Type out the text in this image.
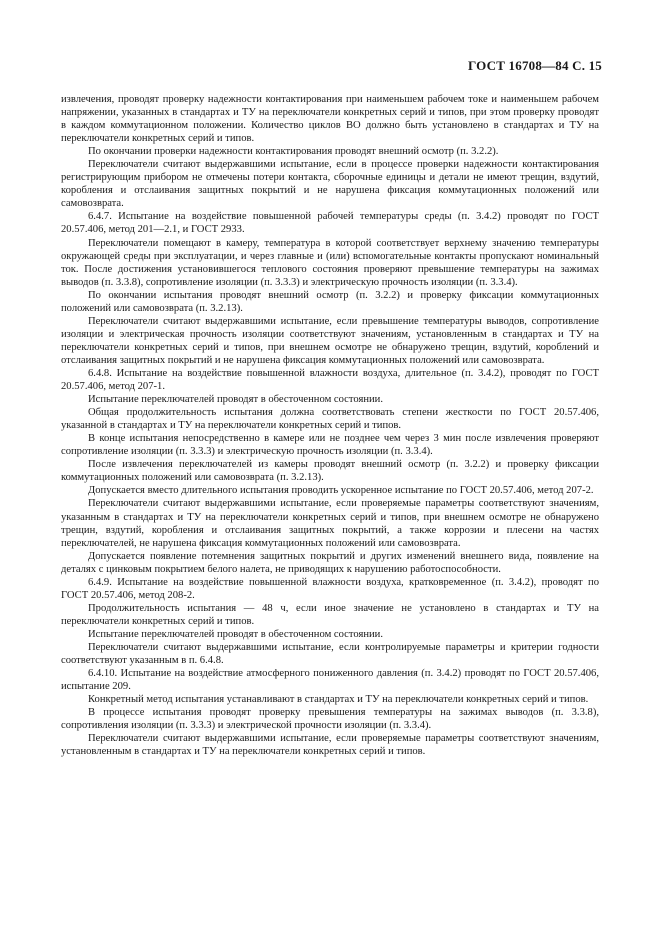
ГОСТ 16708—84 С. 15

извлечения, проводят проверку надежности контактирования при наименьшем рабочем токе и наименьшем рабочем напряжении, указанных в стандартах и ТУ на переключатели конкретных серий и типов, при этом проверку проводят в каждом коммутационном положении. Количество циклов ВО должно быть установлено в стандартах и ТУ на переключатели конкретных серий и типов.

По окончании проверки надежности контактирования проводят внешний осмотр (п. 3.2.2).

Переключатели считают выдержавшими испытание, если в процессе проверки надежности контактирования регистрирующим прибором не отмечены потери контакта, сборочные единицы и детали не имеют трещин, вздутий, коробления и отслаивания защитных покрытий и не нарушена фиксация коммутационных положений или самовозврата.

6.4.7. Испытание на воздействие повышенной рабочей температуры среды (п. 3.4.2) проводят по ГОСТ 20.57.406, метод 201—2.1, и ГОСТ 2933.

Переключатели помещают в камеру, температура в которой соответствует верхнему значению температуры окружающей среды при эксплуатации, и через главные и (или) вспомогательные контакты пропускают номинальный ток. После достижения установившегося теплового состояния проверяют превышение температуры на зажимах выводов (п. 3.3.8), сопротивление изоляции (п. 3.3.3) и электрическую прочность изоляции (п. 3.3.4).

По окончании испытания проводят внешний осмотр (п. 3.2.2) и проверку фиксации коммутационных положений или самовозврата (п. 3.2.13).

Переключатели считают выдержавшими испытание, если превышение температуры выводов, сопротивление изоляции и электрическая прочность изоляции соответствуют значениям, установленным в стандартах и ТУ на переключатели конкретных серий и типов, при внешнем осмотре не обнаружено трещин, вздутий, короблений и отслаивания защитных покрытий и не нарушена фиксация коммутационных положений или самовозврата.

6.4.8. Испытание на воздействие повышенной влажности воздуха, длительное (п. 3.4.2), проводят по ГОСТ 20.57.406, метод 207-1.

Испытание переключателей проводят в обесточенном состоянии.

Общая продолжительность испытания должна соответствовать степени жесткости по ГОСТ 20.57.406, указанной в стандартах и ТУ на переключатели конкретных серий и типов.

В конце испытания непосредственно в камере или не позднее чем через 3 мин после извлечения проверяют сопротивление изоляции (п. 3.3.3) и электрическую прочность изоляции (п. 3.3.4).

После извлечения переключателей из камеры проводят внешний осмотр (п. 3.2.2) и проверку фиксации коммутационных положений или самовозврата (п. 3.2.13).

Допускается вместо длительного испытания проводить ускоренное испытание по ГОСТ 20.57.406, метод 207-2.

Переключатели считают выдержавшими испытание, если проверяемые параметры соответствуют значениям, указанным в стандартах и ТУ на переключатели конкретных серий и типов, при внешнем осмотре не обнаружено трещин, вздутий, коробления и отслаивания защитных покрытий, а также коррозии и плесени на частях переключателей, не нарушена фиксация коммутационных положений или самовозврата.

Допускается появление потемнения защитных покрытий и других изменений внешнего вида, появление на деталях с цинковым покрытием белого налета, не приводящих к нарушению работоспособности.

6.4.9. Испытание на воздействие повышенной влажности воздуха, кратковременное (п. 3.4.2), проводят по ГОСТ 20.57.406, метод 208-2.

Продолжительность испытания — 48 ч, если иное значение не установлено в стандартах и ТУ на переключатели конкретных серий и типов.

Испытание переключателей проводят в обесточенном состоянии.

Переключатели считают выдержавшими испытание, если контролируемые параметры и критерии годности соответствуют указанным в п. 6.4.8.

6.4.10. Испытание на воздействие атмосферного пониженного давления (п. 3.4.2) проводят по ГОСТ 20.57.406, испытание 209.

Конкретный метод испытания устанавливают в стандартах и ТУ на переключатели конкретных серий и типов.

В процессе испытания проводят проверку превышения температуры на зажимах выводов (п. 3.3.8), сопротивления изоляции (п. 3.3.3) и электрической прочности изоляции (п. 3.3.4).

Переключатели считают выдержавшими испытание, если проверяемые параметры соответствуют значениям, установленным в стандартах и ТУ на переключатели конкретных серий и типов.
